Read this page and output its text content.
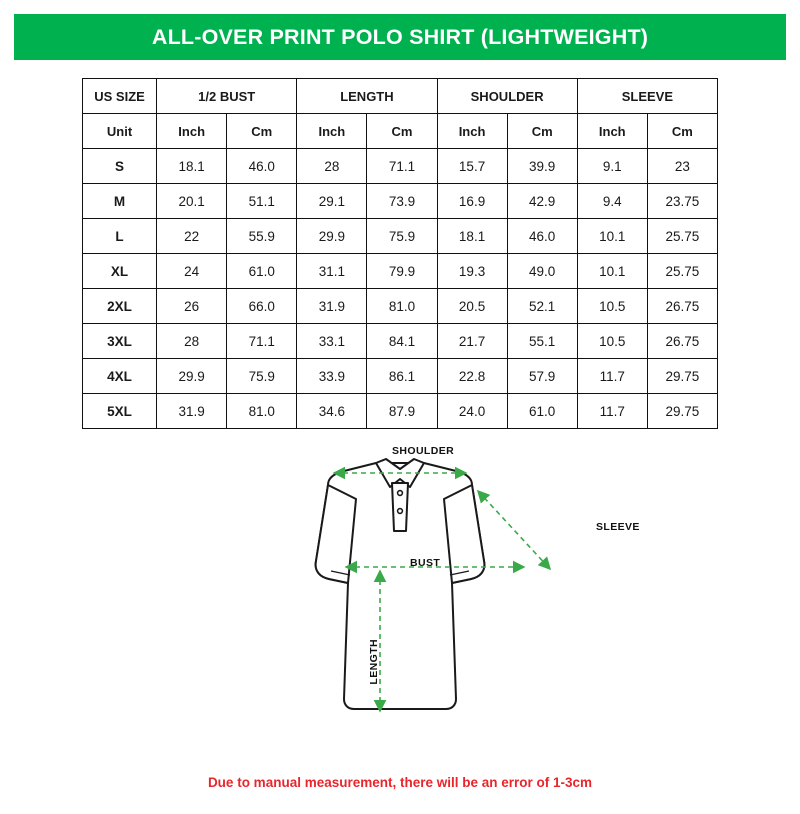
ALL-OVER PRINT POLO SHIRT (LIGHTWEIGHT)
US SIZE	1/2 BUST		LENGTH		SHOULDER		SLEEVE	
Unit	Inch	Cm	Inch	Cm	Inch	Cm	Inch	Cm
S	18.1	46.0	28	71.1	15.7	39.9	9.1	23
M	20.1	51.1	29.1	73.9	16.9	42.9	9.4	23.75
L	22	55.9	29.9	75.9	18.1	46.0	10.1	25.75
XL	24	61.0	31.1	79.9	19.3	49.0	10.1	25.75
2XL	26	66.0	31.9	81.0	20.5	52.1	10.5	26.75
3XL	28	71.1	33.1	84.1	21.7	55.1	10.5	26.75
4XL	29.9	75.9	33.9	86.1	22.8	57.9	11.7	29.75
5XL	31.9	81.0	34.6	87.9	24.0	61.0	11.7	29.75
SHOULDER
SLEEVE
BUST
LENGTH
Due to manual measurement, there will be an error of 1-3cm
